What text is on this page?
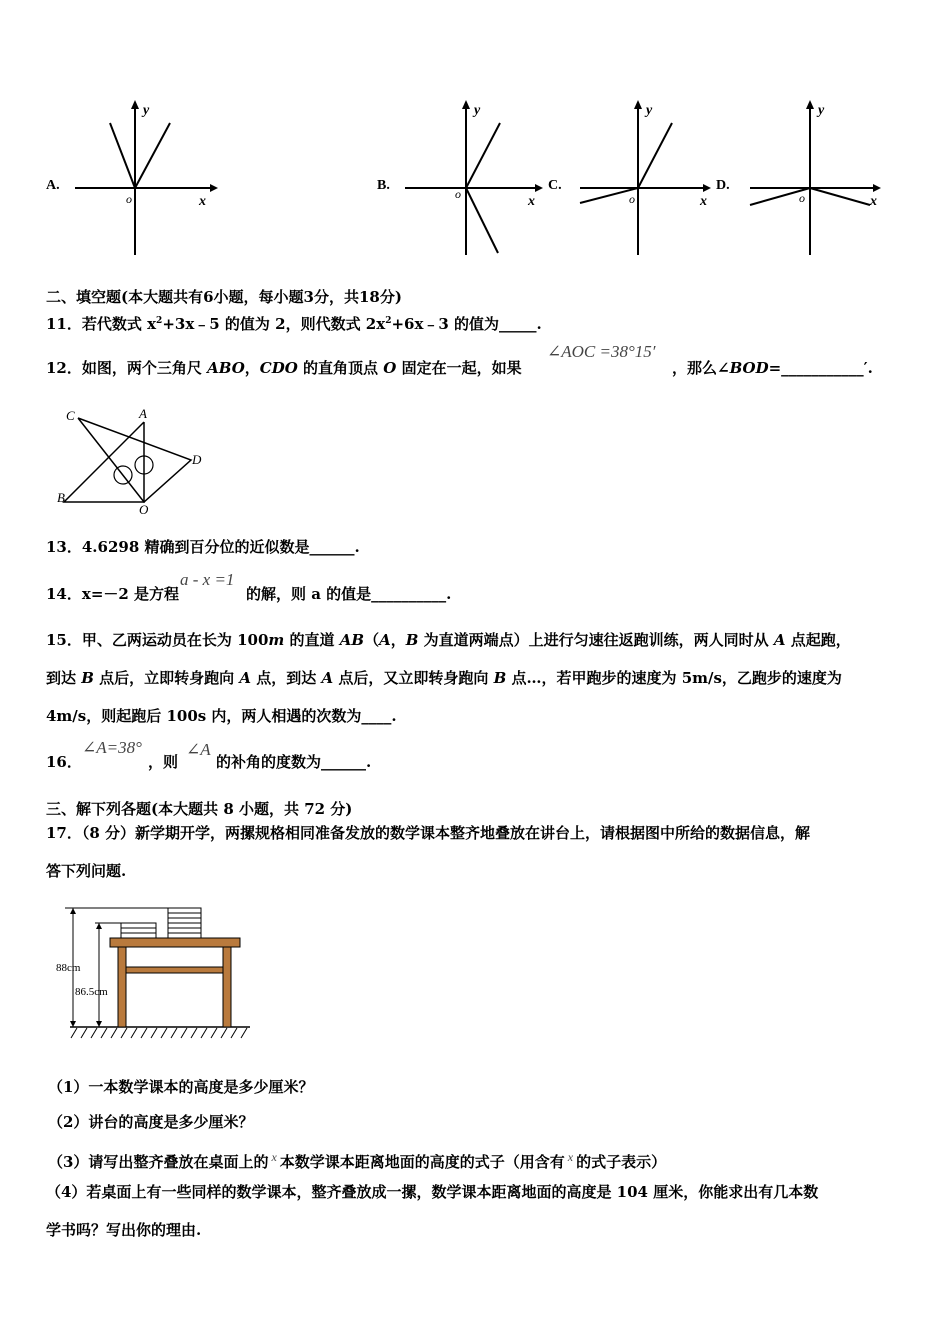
A.
y
x
o
B.
y
x
o
C.
y
x
o
D.
y
x
o
二、填空题(本大题共有6小题，每小题3分，共18分)
11．若代数式 $x^2+3x﹣5$ 的值为 2，则代数式 $2x^2+6x﹣3$ 的值为_____.
12．如图，两个三角尺 ABO，CDO 的直角顶点 O 固定在一起，如果
∠AOC =38°15′
，那么∠BOD=___________′.
C	A
D
B
O
13．4.6298 精确到百分位的近似数是______.
14．x=－2 是方程
a - x =1
的解，则 a 的值是__________.
15．甲、乙两运动员在长为 100m 的直道 AB（A，B 为直道两端点）上进行匀速往返跑训练，两人同时从 A 点起跑，
到达 B 点后，立即转身跑向 A 点，到达 A 点后，又立即转身跑向 B 点…，若甲跑步的速度为 5m/s，乙跑步的速度为
4m/s，则起跑后 100s 内，两人相遇的次数为____.
16．
∠A=38°
，则
∠A
的补角的度数为______.
三、解下列各题(本大题共 8 小题，共 72 分)
17．（8 分）新学期开学，两摞规格相同准备发放的数学课本整齐地叠放在讲台上，请根据图中所给的数据信息，解
答下列问题.
88cm
86.5cm
（1）一本数学课本的高度是多少厘米？
（2）讲台的高度是多少厘米？
（3）请写出整齐叠放在桌面上的 $^x$ 本数学课本距离地面的高度的式子（用含有 $^x$ 的式子表示）
（4）若桌面上有一些同样的数学课本，整齐叠放成一摞，数学课本距离地面的高度是 104 厘米，你能求出有几本数
学书吗？写出你的理由.
